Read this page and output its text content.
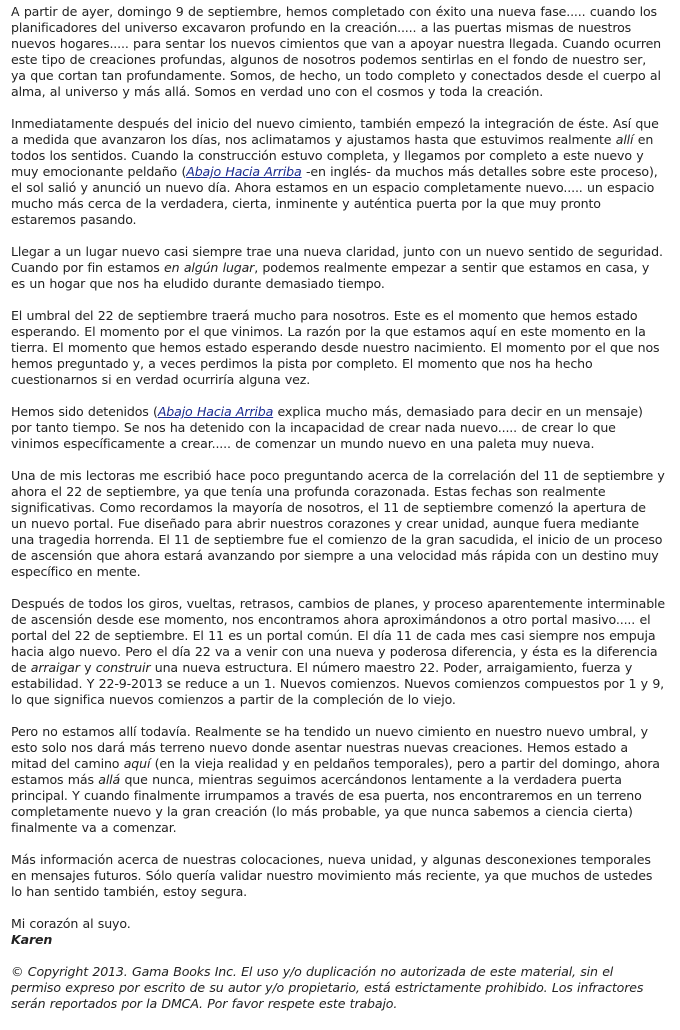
A partir de ayer, domingo 9 de septiembre, hemos completado con éxito una nueva fase..... cuando los planificadores del universo excavaron profundo en la creación..... a las puertas mismas de nuestros nuevos hogares..... para sentar los nuevos cimientos que van a apoyar nuestra llegada. Cuando ocurren este tipo de creaciones profundas, algunos de nosotros podemos sentirlas en el fondo de nuestro ser, ya que cortan tan profundamente. Somos, de hecho, un todo completo y conectados desde el cuerpo al alma, al universo y más allá. Somos en verdad uno con el cosmos y toda la creación.

Inmediatamente después del inicio del nuevo cimiento, también empezó la integración de éste. Así que a medida que avanzaron los días, nos aclimatamos y ajustamos hasta que estuvimos realmente allí en todos los sentidos. Cuando la construcción estuvo completa, y llegamos por completo a este nuevo y muy emocionante peldaño (Abajo Hacia Arriba -en inglés- da muchos más detalles sobre este proceso), el sol salió y anunció un nuevo día. Ahora estamos en un espacio completamente nuevo..... un espacio mucho más cerca de la verdadera, cierta, inminente y auténtica puerta por la que muy pronto estaremos pasando.

Llegar a un lugar nuevo casi siempre trae una nueva claridad, junto con un nuevo sentido de seguridad. Cuando por fin estamos en algún lugar, podemos realmente empezar a sentir que estamos en casa, y es un hogar que nos ha eludido durante demasiado tiempo.

El umbral del 22 de septiembre traerá mucho para nosotros. Este es el momento que hemos estado esperando. El momento por el que vinimos. La razón por la que estamos aquí en este momento en la tierra. El momento que hemos estado esperando desde nuestro nacimiento. El momento por el que nos hemos preguntado y, a veces perdimos la pista por completo. El momento que nos ha hecho cuestionarnos si en verdad ocurriría alguna vez.

Hemos sido detenidos (Abajo Hacia Arriba explica mucho más, demasiado para decir en un mensaje) por tanto tiempo. Se nos ha detenido con la incapacidad de crear nada nuevo..... de crear lo que vinimos específicamente a crear..... de comenzar un mundo nuevo en una paleta muy nueva.

Una de mis lectoras me escribió hace poco preguntando acerca de la correlación del 11 de septiembre y ahora el 22 de septiembre, ya que tenía una profunda corazonada. Estas fechas son realmente significativas. Como recordamos la mayoría de nosotros, el 11 de septiembre comenzó la apertura de un nuevo portal. Fue diseñado para abrir nuestros corazones y crear unidad, aunque fuera mediante una tragedia horrenda. El 11 de septiembre fue el comienzo de la gran sacudida, el inicio de un proceso de ascensión que ahora estará avanzando por siempre a una velocidad más rápida con un destino muy específico en mente.

Después de todos los giros, vueltas, retrasos, cambios de planes, y proceso aparentemente interminable de ascensión desde ese momento, nos encontramos ahora aproximándonos a otro portal masivo..... el portal del 22 de septiembre. El 11 es un portal común. El día 11 de cada mes casi siempre nos empuja hacia algo nuevo. Pero el día 22 va a venir con una nueva y poderosa diferencia, y ésta es la diferencia de arraigar y construir una nueva estructura. El número maestro 22. Poder, arraigamiento, fuerza y estabilidad. Y 22-9-2013 se reduce a un 1. Nuevos comienzos. Nuevos comienzos compuestos por 1 y 9, lo que significa nuevos comienzos a partir de la compleción de lo viejo.

Pero no estamos allí todavía. Realmente se ha tendido un nuevo cimiento en nuestro nuevo umbral, y esto solo nos dará más terreno nuevo donde asentar nuestras nuevas creaciones. Hemos estado a mitad del camino aquí (en la vieja realidad y en peldaños temporales), pero a partir del domingo, ahora estamos más allá que nunca, mientras seguimos acercándonos lentamente a la verdadera puerta principal. Y cuando finalmente irrumpamos a través de esa puerta, nos encontraremos en un terreno completamente nuevo y la gran creación (lo más probable, ya que nunca sabemos a ciencia cierta) finalmente va a comenzar.

Más información acerca de nuestras colocaciones, nueva unidad, y algunas desconexiones temporales en mensajes futuros. Sólo quería validar nuestro movimiento más reciente, ya que muchos de ustedes lo han sentido también, estoy segura.

Mi corazón al suyo.

Karen

© Copyright 2013. Gama Books Inc. El uso y/o duplicación no autorizada de este material, sin el permiso expreso por escrito de su autor y/o propietario, está estrictamente prohibido. Los infractores serán reportados por la DMCA. Por favor respete este trabajo.
